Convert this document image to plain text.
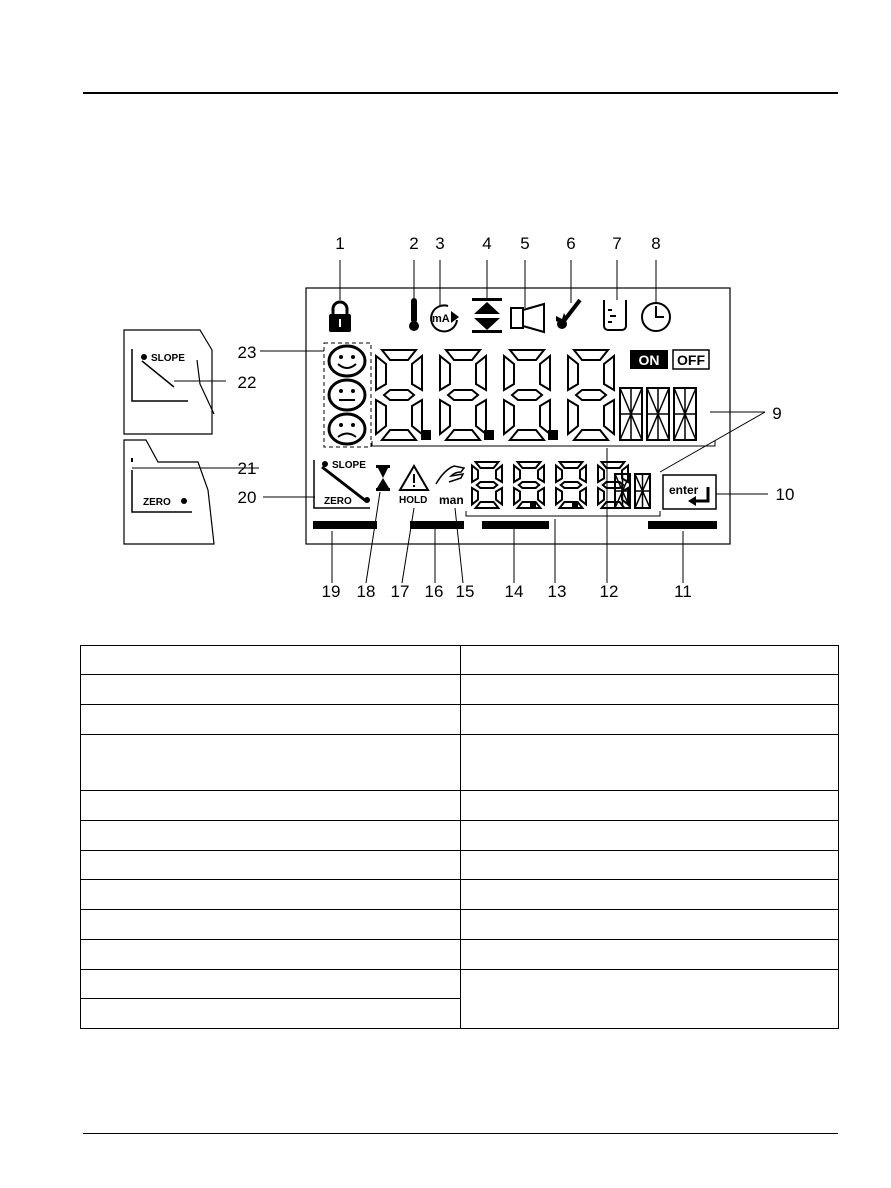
mA
ON OFF
SLOPE
ZERO	HOLD man
enter
SLOPE
ZERO
1	2 3 4 5 6 7 8
9
10
11
12
13
14
15
16
17
18
19
20
21
22
23
